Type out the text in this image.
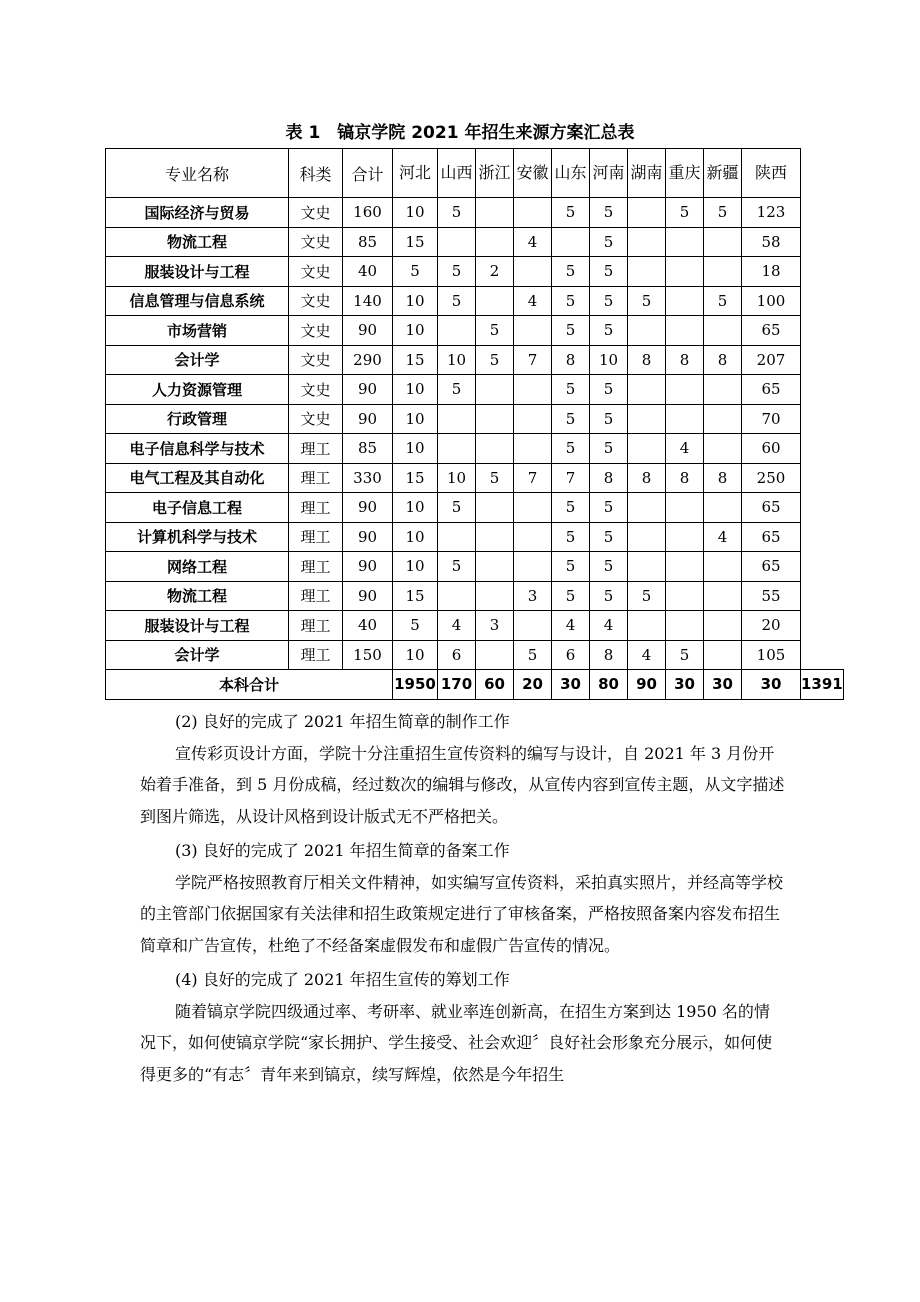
表 1　镐京学院 2021 年招生来源方案汇总表
专业名称	科类	合计	河北	山西	浙江	安徽	山东	河南	湖南	重庆	新疆	陕西	
国际经济与贸易	文史	160	10	5			5	5		5	5	123	
物流工程	文史	85	15			4		5				58	
服装设计与工程	文史	40	5	5	2		5	5				18	
信息管理与信息系统	文史	140	10	5		4	5	5	5		5	100	
市场营销	文史	90	10		5		5	5				65	
会计学	文史	290	15	10	5	7	8	10	8	8	8	207	
人力资源管理	文史	90	10	5			5	5				65	
行政管理	文史	90	10				5	5				70	
电子信息科学与技术	理工	85	10				5	5		4		60	
电气工程及其自动化	理工	330	15	10	5	7	7	8	8	8	8	250	
电子信息工程	理工	90	10	5			5	5				65	
计算机科学与技术	理工	90	10				5	5			4	65	
网络工程	理工	90	10	5			5	5				65	
物流工程	理工	90	15			3	5	5	5			55	
服装设计与工程	理工	40	5	4	3		4	4				20	
会计学	理工	150	10	6		5	6	8	4	5		105	
本科合计			1950	170	60	20	30	80	90	30	30	30	1391

(2) 良好的完成了 2021 年招生简章的制作工作

宣传彩页设计方面，学院十分注重招生宣传资料的编写与设计，自 2021 年 3 月份开始着手准备，到 5 月份成稿，经过数次的编辑与修改，从宣传内容到宣传主题，从文字描述到图片筛选，从设计风格到设计版式无不严格把关。

(3) 良好的完成了 2021 年招生简章的备案工作

学院严格按照教育厅相关文件精神，如实编写宣传资料，采拍真实照片，并经高等学校的主管部门依据国家有关法律和招生政策规定进行了审核备案，严格按照备案内容发布招生简章和广告宣传，杜绝了不经备案虚假发布和虚假广告宣传的情况。

(4) 良好的完成了 2021 年招生宣传的筹划工作

随着镐京学院四级通过率、考研率、就业率连创新高，在招生方案到达 1950 名的情况下，如何使镐京学院“家长拥护、学生接受、社会欢迎〞良好社会形象充分展示，如何使得更多的“有志〞青年来到镐京，续写辉煌，依然是今年招生
